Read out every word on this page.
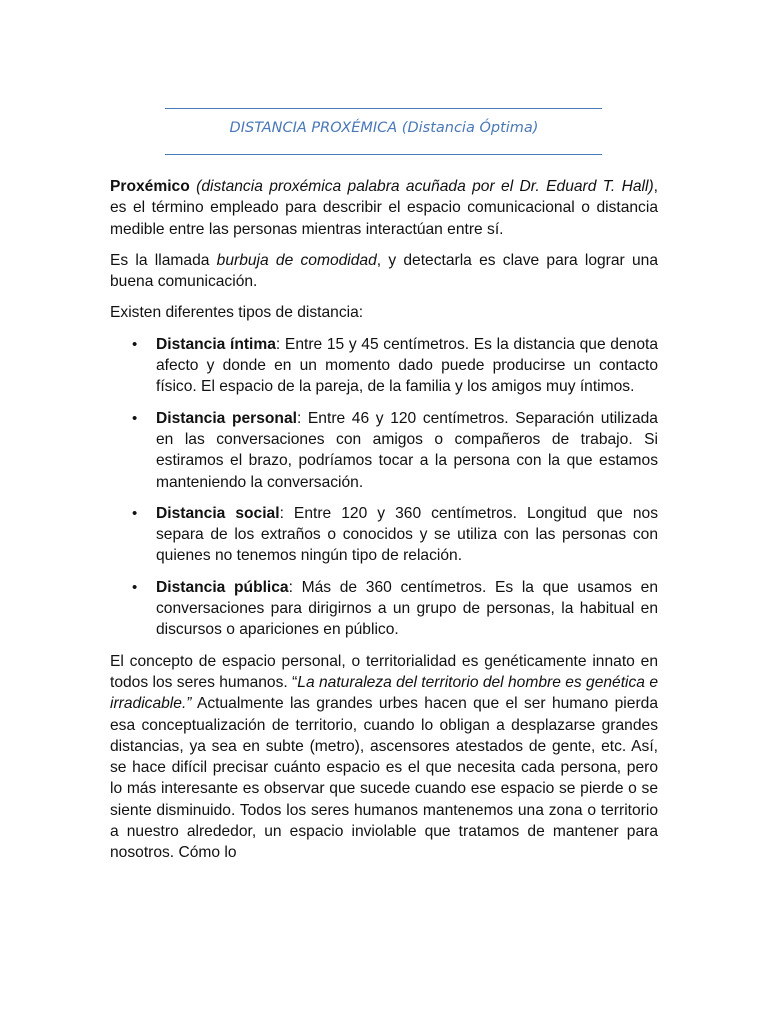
DISTANCIA PROXÉMICA (Distancia Óptima)

Proxémico (distancia proxémica palabra acuñada por el Dr. Eduard T. Hall), es el término empleado para describir el espacio comunicacional o distancia medible entre las personas mientras interactúan entre sí.

Es la llamada burbuja de comodidad, y detectarla es clave para lograr una buena comunicación.

Existen diferentes tipos de distancia:

• Distancia íntima: Entre 15 y 45 centímetros. Es la distancia que denota afecto y donde en un momento dado puede producirse un contacto físico. El espacio de la pareja, de la familia y los amigos muy íntimos.
• Distancia personal: Entre 46 y 120 centímetros. Separación utilizada en las conversaciones con amigos o compañeros de trabajo. Si estiramos el brazo, podríamos tocar a la persona con la que estamos manteniendo la conversación.
• Distancia social: Entre 120 y 360 centímetros. Longitud que nos separa de los extraños o conocidos y se utiliza con las personas con quienes no tenemos ningún tipo de relación.
• Distancia pública: Más de 360 centímetros. Es la que usamos en conversaciones para dirigirnos a un grupo de personas, la habitual en discursos o apariciones en público.

El concepto de espacio personal, o territorialidad es genéticamente innato en todos los seres humanos. “La naturaleza del territorio del hombre es genética e irradicable.” Actualmente las grandes urbes hacen que el ser humano pierda esa conceptualización de territorio, cuando lo obligan a desplazarse grandes distancias, ya sea en subte (metro), ascensores atestados de gente, etc. Así, se hace difícil precisar cuánto espacio es el que necesita cada persona, pero lo más interesante es observar que sucede cuando ese espacio se pierde o se siente disminuido. Todos los seres humanos mantenemos una zona o territorio a nuestro alrededor, un espacio inviolable que tratamos de mantener para nosotros. Cómo lo
